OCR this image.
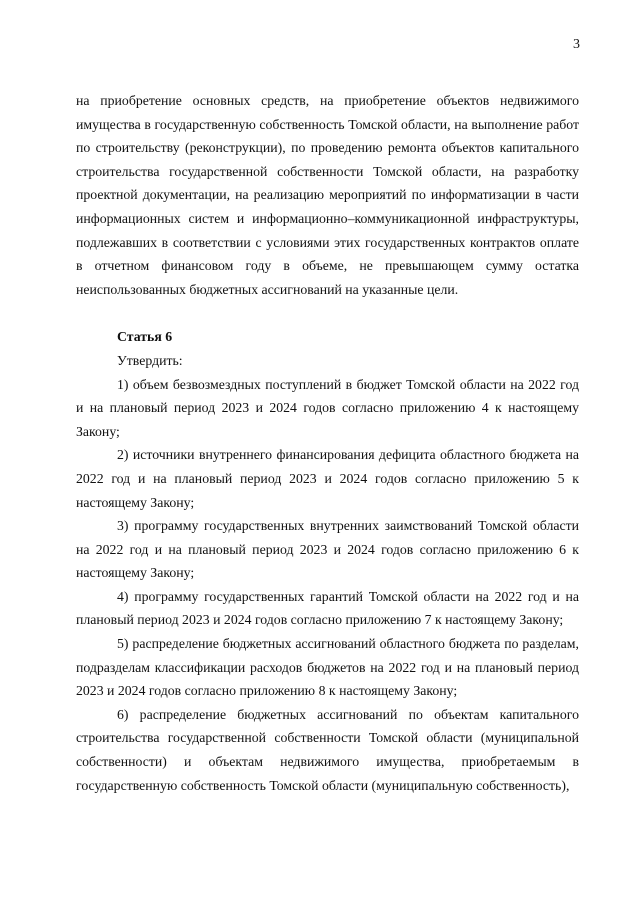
3

на приобретение основных средств, на приобретение объектов недвижимого имущества в государственную собственность Томской области, на выполнение работ по строительству (реконструкции), по проведению ремонта объектов капитального строительства государственной собственности Томской области, на разработку проектной документации, на реализацию мероприятий по информатизации в части информационных систем и информационно–коммуникационной инфраструктуры, подлежавших в соответствии с условиями этих государственных контрактов оплате в отчетном финансовом году в объеме, не превышающем сумму остатка неиспользованных бюджетных ассигнований на указанные цели.

Статья 6

Утвердить:

1) объем безвозмездных поступлений в бюджет Томской области на 2022 год и на плановый период 2023 и 2024 годов согласно приложению 4 к настоящему Закону;

2) источники внутреннего финансирования дефицита областного бюджета на 2022 год и на плановый период 2023 и 2024 годов согласно приложению 5 к настоящему Закону;

3) программу государственных внутренних заимствований Томской области на 2022 год и на плановый период 2023 и 2024 годов согласно приложению 6 к настоящему Закону;

4) программу государственных гарантий Томской области на 2022 год и на плановый период 2023 и 2024 годов согласно приложению 7 к настоящему Закону;

5) распределение бюджетных ассигнований областного бюджета по разделам, подразделам классификации расходов бюджетов на 2022 год и на плановый период 2023 и 2024 годов согласно приложению 8 к настоящему Закону;

6) распределение бюджетных ассигнований по объектам капитального строительства государственной собственности Томской области (муниципальной собственности) и объектам недвижимого имущества, приобретаемым в государственную собственность Томской области (муниципальную собственность),
